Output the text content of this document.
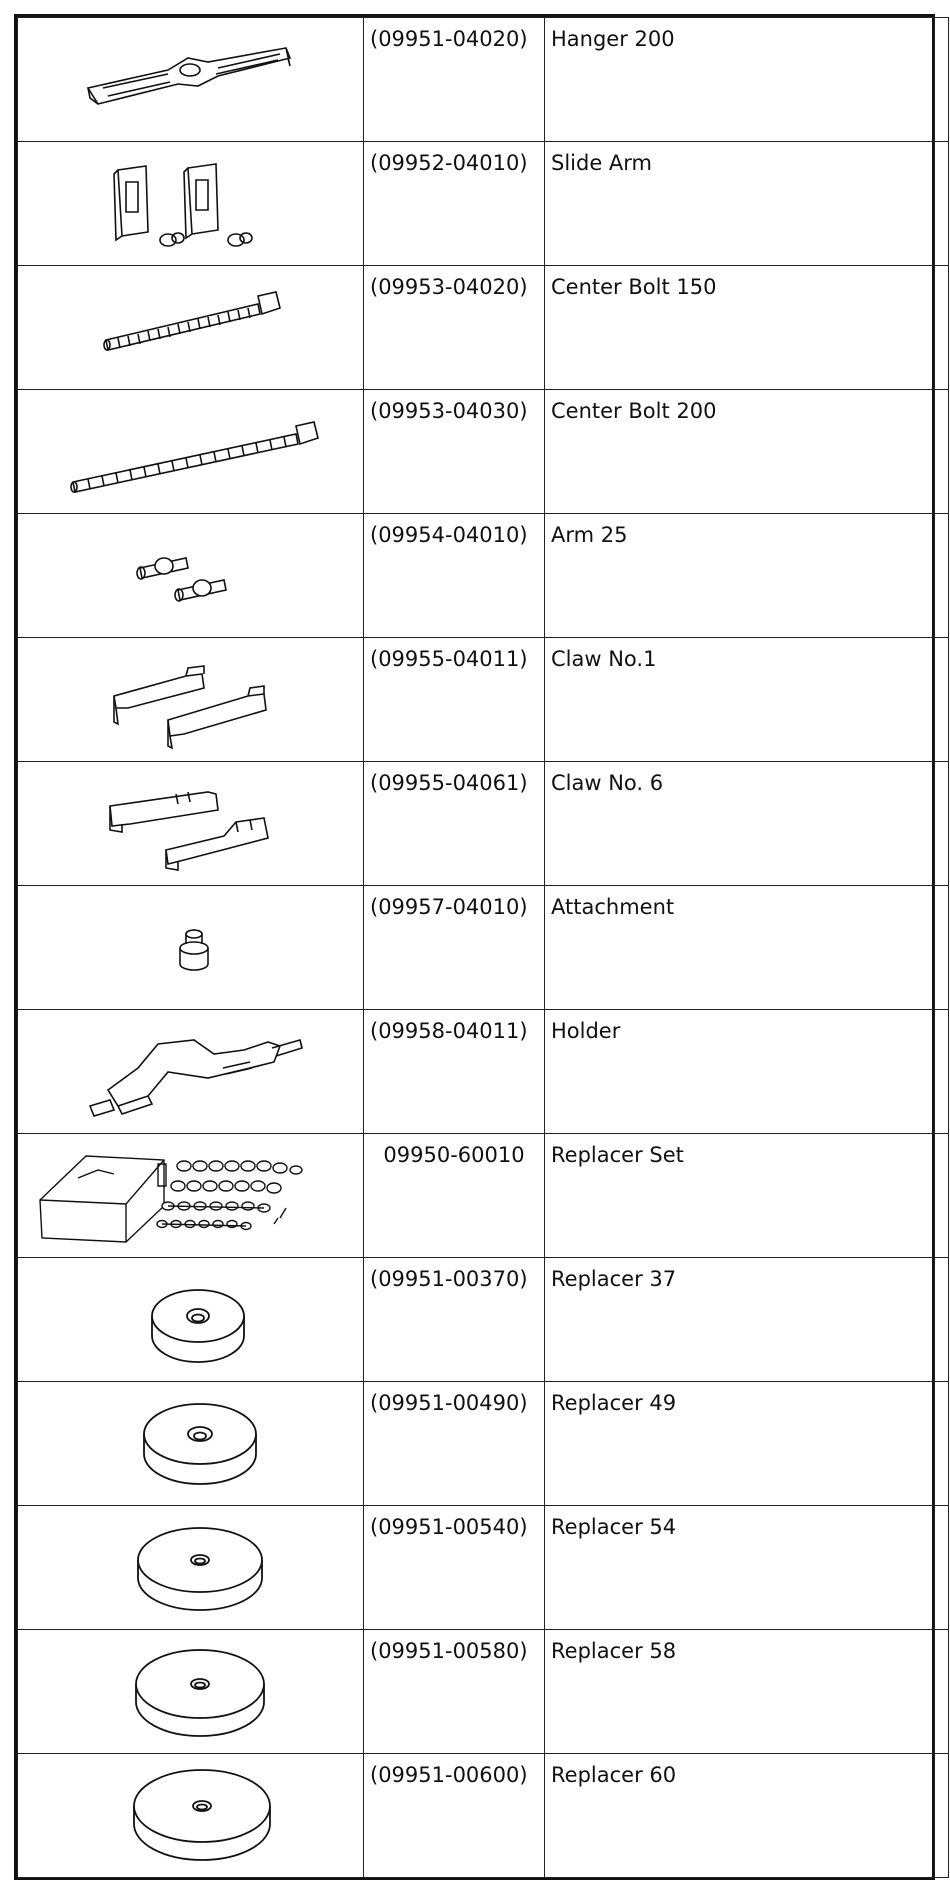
	(09951-04020)	Hanger 200	

	(09952-04010)	Slide Arm	

	(09953-04020)	Center Bolt 150	

	(09953-04030)	Center Bolt 200	

	(09954-04010)	Arm 25	

	(09955-04011)	Claw No.1	

	(09955-04061)	Claw No. 6	

	(09957-04010)	Attachment	

	(09958-04011)	Holder	

	09950-60010	Replacer Set	

	(09951-00370)	Replacer 37	

	(09951-00490)	Replacer 49	

	(09951-00540)	Replacer 54	

	(09951-00580)	Replacer 58	

	(09951-00600)	Replacer 60	
